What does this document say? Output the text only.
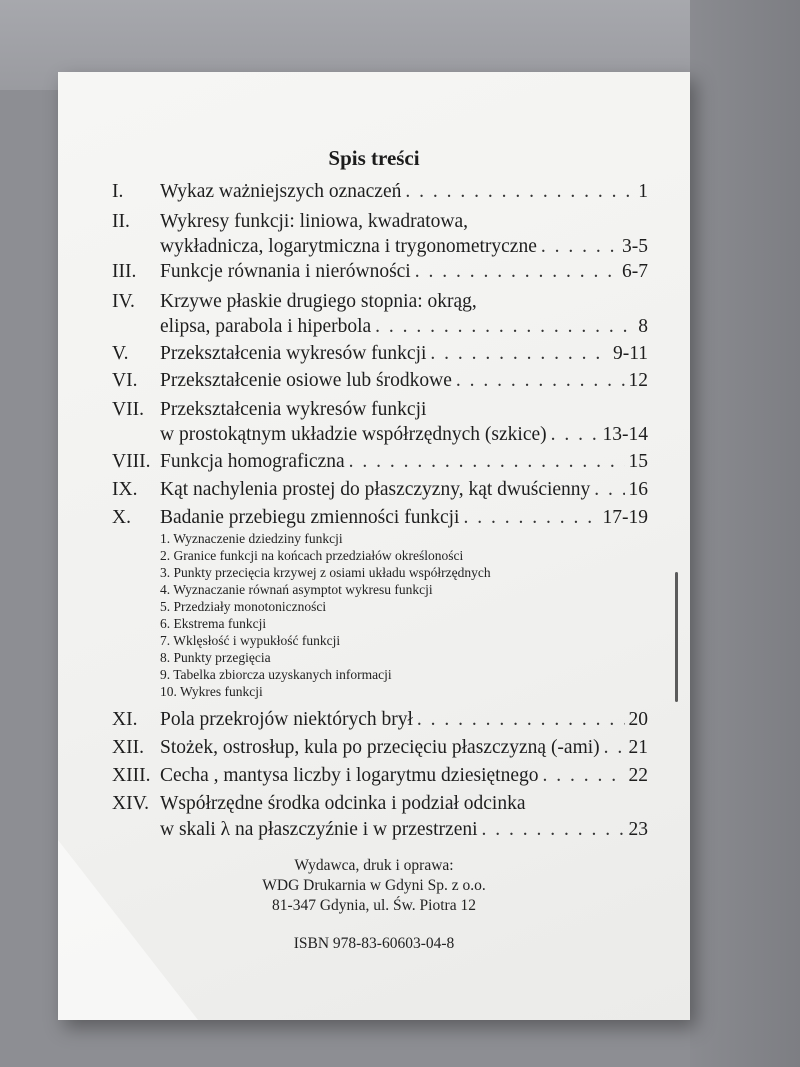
Spis treści
I.	Wykaz ważniejszych oznaczeń . . .	1
II.	Wykresy funkcji: liniowa, kwadratowa,
wykładnicza, logarytmiczna i trygonometryczne . . .	3-5
III.	Funkcje równania i nierówności . . .	6-7
IV.	Krzywe płaskie drugiego stopnia: okrąg,
elipsa, parabola i hiperbola . . .	8
V.	Przekształcenia wykresów funkcji . . .	9-11
VI.	Przekształcenie osiowe lub środkowe . . .	12
VII. Przekształcenia wykresów funkcji
w prostokątnym układzie współrzędnych (szkice) . . .	13-14
VIII. Funkcja homograficzna . . .	15
IX.	Kąt nachylenia prostej do płaszczyzny, kąt dwuścienny . . . 16
X.	Badanie przebiegu zmienności funkcji . . .	17-19
1. Wyznaczenie dziedziny funkcji
2. Granice funkcji na końcach przedziałów określoności
3. Punkty przecięcia krzywej z osiami układu współrzędnych
4. Wyznaczanie równań asymptot wykresu funkcji
5. Przedziały monotoniczności
6. Ekstrema funkcji
7. Wklęsłość i wypukłość funkcji
8. Punkty przegięcia
9. Tabelka zbiorcza uzyskanych informacji
10. Wykres funkcji
XI.	Pola przekrojów niektórych brył . . .	20
XII. Stożek, ostrosłup, kula po przecięciu płaszczyzną (-ami) . . . 21
XIII. Cecha , mantysa liczby i logarytmu dziesiętnego . . .	22
XIV. Współrzędne środka odcinka i podział odcinka
w skali λ na płaszczyźnie i w przestrzeni . . .	23
Wydawca, druk i oprawa:
WDG Drukarnia w Gdyni Sp. z o.o.
81-347 Gdynia, ul. Św. Piotra 12
ISBN 978-83-60603-04-8
